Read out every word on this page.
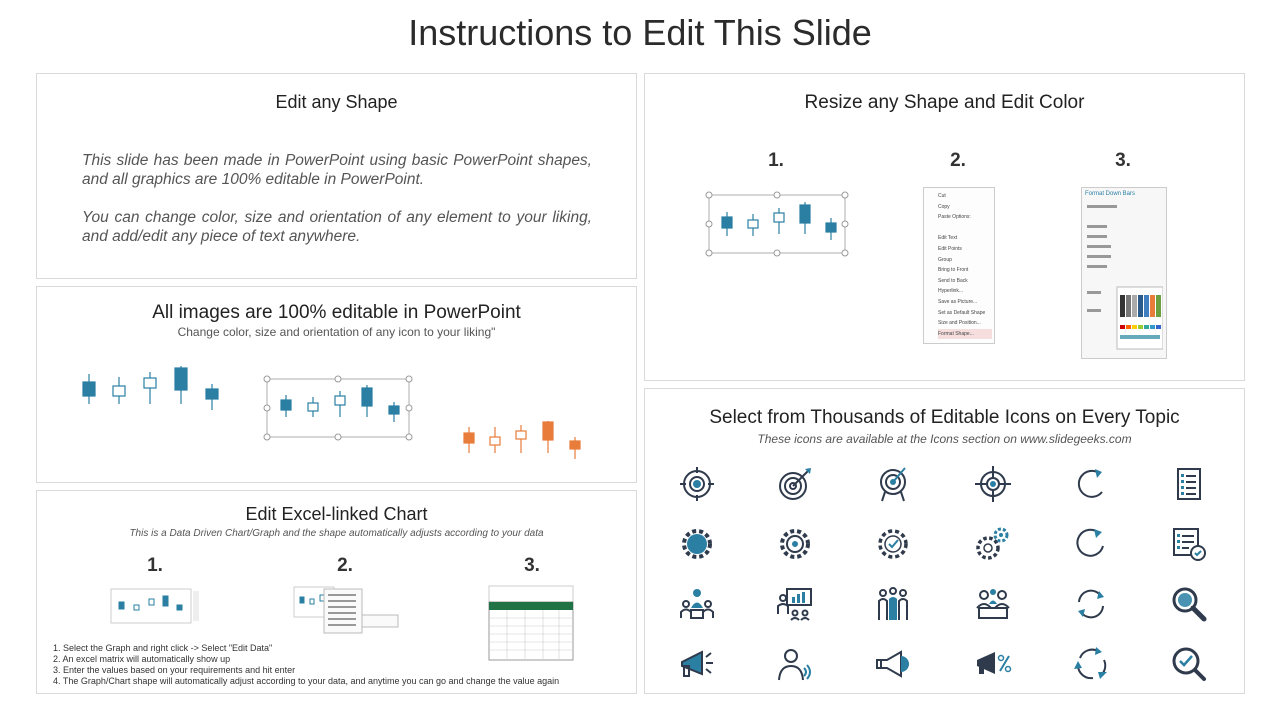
Instructions to Edit This Slide
Edit any Shape
This slide has been made in PowerPoint using basic PowerPoint shapes, and all graphics are 100% editable in PowerPoint.
You can change color, size and orientation of any element to your liking, and add/edit any piece of text anywhere.
All images are 100% editable in PowerPoint
Change color, size and orientation of any icon to your liking"
Edit Excel-linked Chart
This is a Data Driven Chart/Graph and the shape automatically adjusts according to your data
1.	2.	3.
1. Select the Graph and right click -> Select "Edit Data"
2. An excel matrix will automatically show up
3. Enter the values based on your requirements and hit enter
4. The Graph/Chart shape will automatically adjust according to your data, and anytime you can go and change the value again
Resize any Shape and Edit Color
1.	2.	3.
Cut
Copy
Paste Options:

Edit Text
Edit Points
Group
Bring to Front
Send to Back
Hyperlink...
Save as Picture...
Set as Default Shape
Size and Position...
Format Shape...
Format Down Bars
Select from Thousands of Editable Icons on Every Topic
These icons are available at the Icons section on www.slidegeeks.com
